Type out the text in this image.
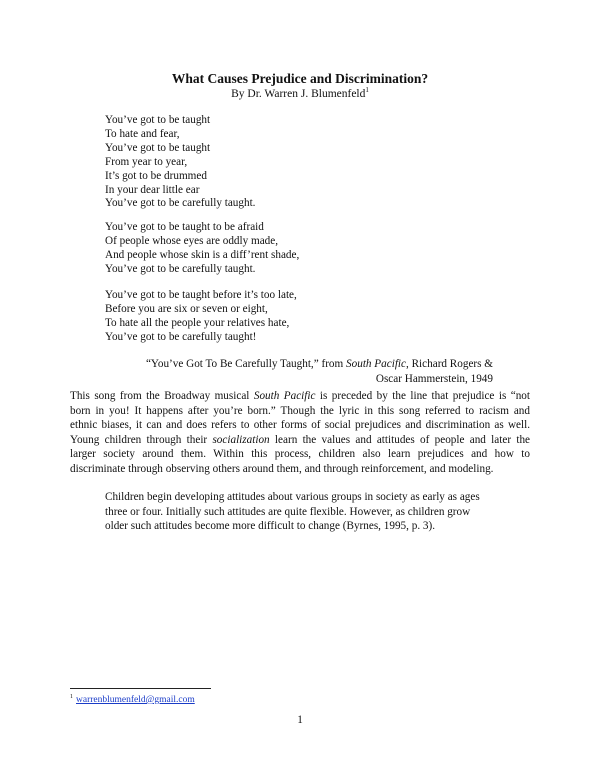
What Causes Prejudice and Discrimination?
By Dr. Warren J. Blumenfeld$^1$
You’ve got to be taught
To hate and fear,
You’ve got to be taught
From year to year,
It’s got to be drummed
In your dear little ear
You’ve got to be carefully taught.
You’ve got to be taught to be afraid
Of people whose eyes are oddly made,
And people whose skin is a diff’rent shade,
You’ve got to be carefully taught.
You’ve got to be taught before it’s too late,
Before you are six or seven or eight,
To hate all the people your relatives hate,
You’ve got to be carefully taught!
“You’ve Got To Be Carefully Taught,” from South Pacific, Richard Rogers &
Oscar Hammerstein, 1949
This song from the Broadway musical South Pacific is preceded by the line that prejudice is “not
born in you! It happens after you’re born.” Though the lyric in this song referred to racism and
ethnic biases, it can and does refers to other forms of social prejudices and discrimination as well.
Young children through their socialization learn the values and attitudes of people and later the
larger society around them. Within this process, children also learn prejudices and how to
discriminate through observing others around them, and through reinforcement, and modeling.
Children begin developing attitudes about various groups in society as early as ages
three or four. Initially such attitudes are quite flexible. However, as children grow
older such attitudes become more difficult to change (Byrnes, 1995, p. 3).
$^1$ warrenblumenfeld@gmail.com
1
